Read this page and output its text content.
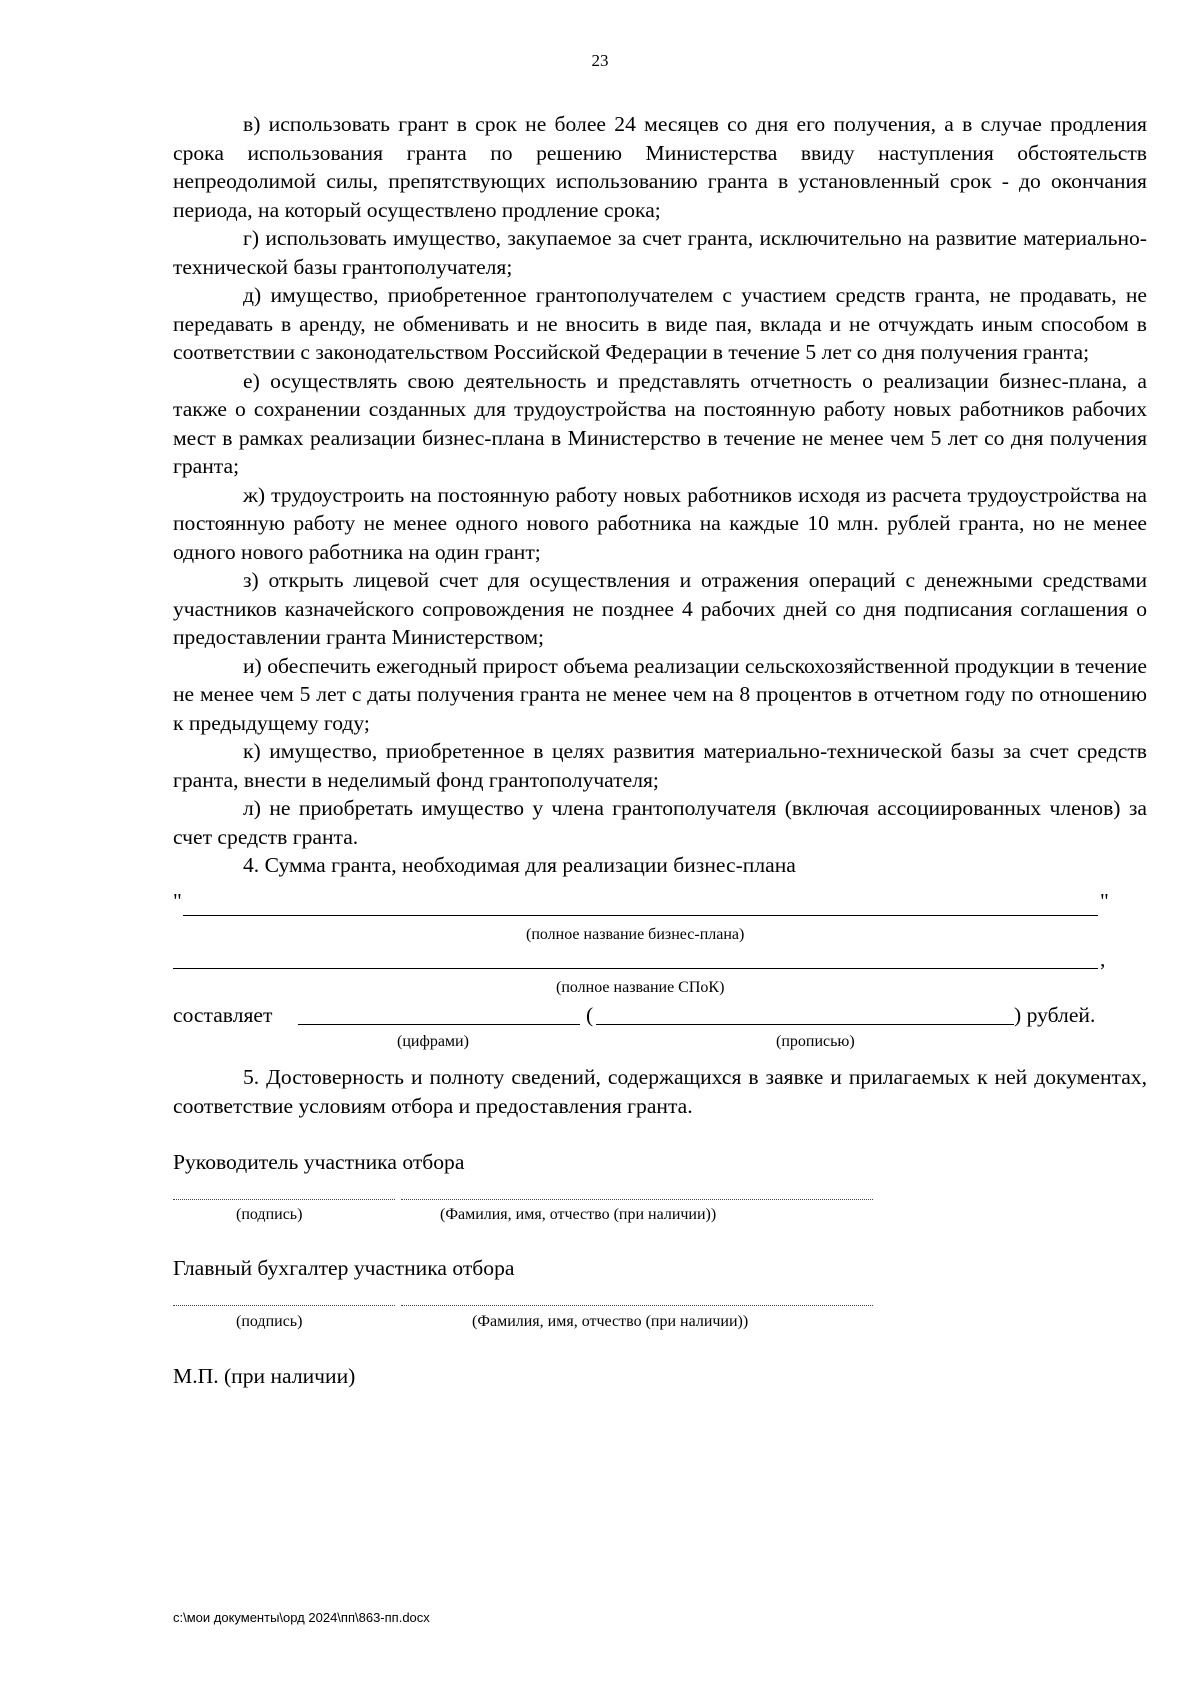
23

в) использовать грант в срок не более 24 месяцев со дня его получения, а в случае продления срока использования гранта по решению Министерства ввиду наступления обстоятельств непреодолимой силы, препятствующих использованию гранта в установленный срок - до окончания периода, на который осуществлено продление срока;

г) использовать имущество, закупаемое за счет гранта, исключительно на развитие материально-технической базы грантополучателя;

д) имущество, приобретенное грантополучателем с участием средств гранта, не продавать, не передавать в аренду, не обменивать и не вносить в виде пая, вклада и не отчуждать иным способом в соответствии с законодательством Российской Федерации в течение 5 лет со дня получения гранта;

е) осуществлять свою деятельность и представлять отчетность о реализации бизнес-плана, а также о сохранении созданных для трудоустройства на постоянную работу новых работников рабочих мест в рамках реализации бизнес-плана в Министерство в течение не менее чем 5 лет со дня получения гранта;

ж) трудоустроить на постоянную работу новых работников исходя из расчета трудоустройства на постоянную работу не менее одного нового работника на каждые 10 млн. рублей гранта, но не менее одного нового работника на один грант;

з) открыть лицевой счет для осуществления и отражения операций с денежными средствами участников казначейского сопровождения не позднее 4 рабочих дней со дня подписания соглашения о предоставлении гранта Министерством;

и) обеспечить ежегодный прирост объема реализации сельскохозяйственной продукции в течение не менее чем 5 лет с даты получения гранта не менее чем на 8 процентов в отчетном году по отношению к предыдущему году;

к) имущество, приобретенное в целях развития материально-технической базы за счет средств гранта, внести в неделимый фонд грантополучателя;

л) не приобретать имущество у члена грантополучателя (включая ассоциированных членов) за счет средств гранта.

4. Сумма гранта, необходимая для реализации бизнес-плана

"	"
(полное название бизнес-плана)
,
(полное название СПоК)
составляет	(	) рублей.
(цифрами)	(прописью)

5. Достоверность и полноту сведений, содержащихся в заявке и прилагаемых к ней документах, соответствие условиям отбора и предоставления гранта.

Руководитель участника отбора
(подпись)	(Фамилия, имя, отчество (при наличии))
Главный бухгалтер участника отбора
(подпись)	(Фамилия, имя, отчество (при наличии))
М.П. (при наличии)
c:\мои документы\орд 2024\пп\863-пп.docx
